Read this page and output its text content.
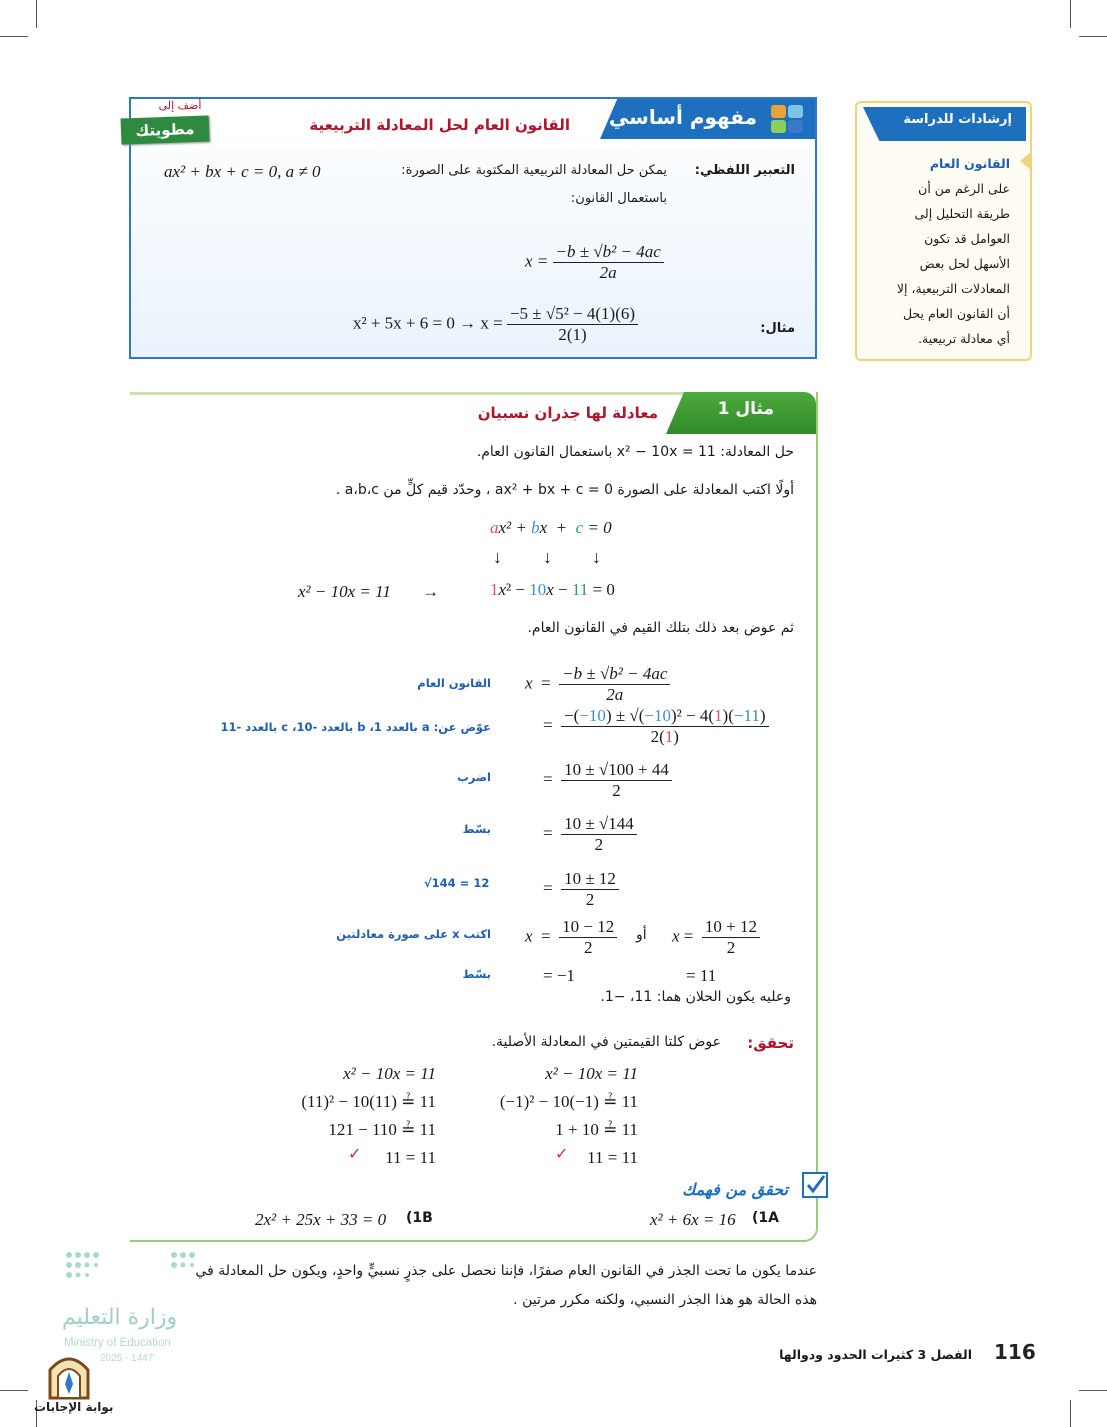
مفهوم أساسي
القانون العام لحل المعادلة التربيعية
أضف إلى
مطويتك
التعبير اللفظي:
يمكن حل المعادلة التربيعية المكتوبة على الصورة:
ax² + bx + c = 0, a ≠ 0
باستعمال القانون:
$x = \frac{\text{−b ± √b² − 4ac}}{2a}$
مثال:
$x^2 + 5x + 6 = 0 \to x = \frac{\text{−5 ± √5² − 4(1)(6)}}{2(1)}$
إرشادات للدراسة
القانون العام
على الرغم من أن
طريقة التحليل إلى
العوامل قد تكون
الأسهل لحل بعض
المعادلات التربيعية، إلا
أن القانون العام يحل
أي معادلة تربيعية.
مثال 1
معادلة لها جذران نسبيان
حل المعادلة: x² − 10x = 11 باستعمال القانون العام.
أولًا اكتب المعادلة على الصورة ax² + bx + c = 0 ، وحدّد قيم كلٍّ من a،b،c .
ax² + bx  +  c = 0
↓ ↓ ↓
x² − 10x = 11 →	1x² − 10x − 11 = 0
ثم عوض بعد ذلك بتلك القيم في القانون العام.
القانون العام
عوّض عن: a بالعدد 1، b بالعدد -10، c بالعدد -11
اضرب
بسّط
√144 = 12
اكتب x على صورة معادلتين
بسّط
$x = \frac{\text{−b ± √b² − 4ac}}{2a}$
= $\frac{\text{−(−10) ± √(−10)² − 4(1)(−11)}}{2(1)}$
= $\frac{10 \pm √100 + 44}{2}$
= $\frac{10 \pm √144}{2}$
= $\frac{10 \pm 12}{2}$
$x = \frac{10 - 12}{2}$ أو $x = \frac{10 + 12}{2}$
= −1	= 11
وعليه يكون الحلان هما: 11، −1.
تحقق:
عوض كلتا القيمتين في المعادلة الأصلية.
x² − 10x = 11
(11)² − 10(11) ≟ 11
121 − 110 ≟ 11
11 = 11
✓
x² − 10x = 11
(−1)² − 10(−1) ≟ 11
1 + 10 ≟ 11
11 = 11
✓
تحقق من فهمك
x² + 6x = 16 (1A
2x² + 25x + 33 = 0 (1B
عندما يكون ما تحت الجذر في القانون العام صفرًا، فإننا نحصل على جذرٍ نسبيٍّ واحدٍ، ويكون حل المعادلة في
هذه الحالة هو هذا الجذر النسبي، ولكنه مكرر مرتين .
وزارة التعليم
Ministry of Education
2025 - 1447
بوابة الإجابات
الفصل 3 كثيرات الحدود ودوالها 116
